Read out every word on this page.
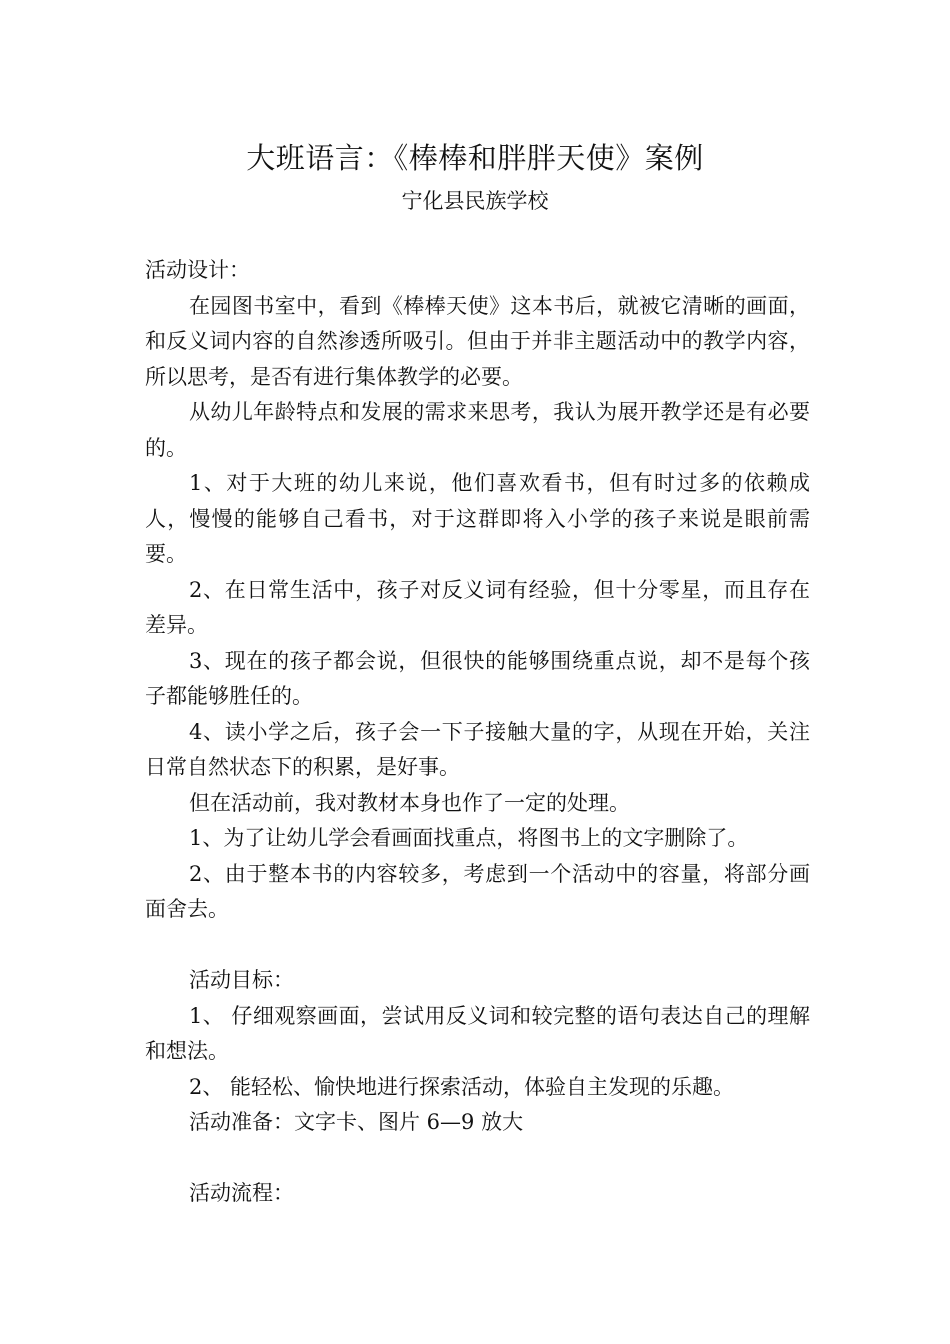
大班语言：《棒棒和胖胖天使》案例
宁化县民族学校

活动设计：

在园图书室中，看到《棒棒天使》这本书后，就被它清晰的画面，和反义词内容的自然渗透所吸引。但由于并非主题活动中的教学内容，所以思考，是否有进行集体教学的必要。

从幼儿年龄特点和发展的需求来思考，我认为展开教学还是有必要的。

1、对于大班的幼儿来说，他们喜欢看书，但有时过多的依赖成人，慢慢的能够自己看书，对于这群即将入小学的孩子来说是眼前需要。

2、在日常生活中，孩子对反义词有经验，但十分零星，而且存在差异。

3、现在的孩子都会说，但很快的能够围绕重点说，却不是每个孩子都能够胜任的。

4、读小学之后，孩子会一下子接触大量的字，从现在开始，关注日常自然状态下的积累，是好事。

但在活动前，我对教材本身也作了一定的处理。

1、为了让幼儿学会看画面找重点，将图书上的文字删除了。

2、由于整本书的内容较多，考虑到一个活动中的容量，将部分画面舍去。

活动目标：

1、 仔细观察画面，尝试用反义词和较完整的语句表达自己的理解和想法。

2、 能轻松、愉快地进行探索活动，体验自主发现的乐趣。

活动准备：文字卡、图片 6—9 放大

活动流程：
